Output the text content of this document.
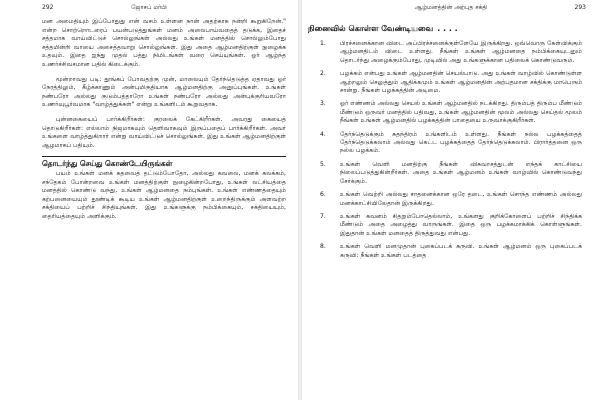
292	ஜோசப் மர்பி

மன அமைதியும் இப்போதுது என் வசம் உள்ளன நான் அதற்காக நன்றி கூறுகிறேன்." என்ற சொற்றொடரைப் பயன்படுத்துங்கள் மனம் அலைபாய்வதைத் தடுக்க, இதைச் சத்தமாக வாய்விட்டுச் சொல்லுங்கள் அல்லது உங்கள் மனத்தில் சொல்லும்போது சத்தமின்றி வாயை அசைத்தவாறு சொல்லுங்கள். இது அதை ஆழ்மனதிற்குள் நுழைக்க உதவும். இதை ஐந்து முதல் பத்து நிமிடங்கள் வரை செய்யுங்கள். ஓர் ஆழ்ந்த உணர்ச்சிவசமான பதில் கிடைக்கும்.

மூன்றாவது படி: தூங்கப் போவதற்கு முன், மாலையும் தேர்ந்தெடுத்த ஏதாவது ஓர் நேரத்திலும், கீழ்க்காணும் அன்புமிகுதியாக ஆழ்மனதிற்கு அனுப்புங்கள். உங்கள் நண்பரோ அல்லது குடும்பத்தாரோ உங்கள் நண்பரோ அல்லது அன்புக்குரியவரோ உணர்வுபூர்வமாக "வாழ்த்துக்கள்" என்று உங்களிடம் கூறுவதாக.

புன்னகையைப் பார்க்கிறீர்கள்: குரலைக் கேட்கிறீர்கள். அவரது கையைத் தொடுகிறீர்கள்: எல்லாம் நிஜமாகவும் தெளிவாகவும் இருப்பதைப் பார்க்கிறீர்கள். அவர் உங்களை வாழ்த்துகிறார் என்று வாய்விட்டுச் சொல்லுங்கள். இது உங்கள் ஆழ்மனதிற்குள் ஆழமாகப் பதியும்.

தொடர்ந்து செய்து கொண்டேயிருங்கள்

பயம் உங்கள் மனக் கதவைத் தட்டும்போதோ, அல்லது கவலை, மனக் கலக்கம், சந்தேகம் போன்றவை உங்கள் மனத்திற்குள் நுழைகின்றபோது, உங்கள் லட்சியத்தை மனத்தில் கொண்டு வந்து, உங்கள் ஆழ்மனதை நம்புங்கள். உங்கள் எண்ணத்தையும் கற்பனையையும் தூண்டிக் கூடிய உங்கள் ஆழ்மனதிற்குள் உறைந்திருக்கும் அளவற்ற சக்தியைப் பற்றிச் சிந்தியுங்கள். இது உங்களுக்கு நம்பிக்கையும், சக்தியையும், தைரியத்தையும் அளிக்கும்.

ஆழ்மனத்தின் அற்புத சக்தி	293
நினைவில் கொள்ள வேண்டியவை . . . .
1. பிரச்சனைக்கான விடை அப்பிரச்சனைக்குள்ளேயே இருக்கிறது. ஒவ்வொரு கேள்விக்கும் ஆழ்மனதிடம் விடை உள்ளது. நீங்கள் உங்கள் ஆழ்மனதை நம்பிக்கையுடனும் தொடர்ந்து அழைக்கும்போது, முடிவில் அது உங்களுக்கான பதிலைக் கொண்டுவரும்.
2. பழக்கம் என்பது உங்கள் ஆழ்மனதின் செயல்பாடு. அது உங்கள் வாழ்வில் கொண்டுள்ள ஆற்றலும் செலுத்தும் ஆதிக்கமும் உங்கள் ஆழ்மனதின் அற்புதமான சக்திக்கு மாபெரும் சான்று. நீங்கள் பழக்கத்தின் அடிமை.
3. ஓர் எண்ணம் அல்லது செயல் உங்கள் ஆழ்மனதில் நடக்கிறது. திரும்பத் திரும்ப மீண்டும் மீண்டும் ஒருவர் மனத்தில் பதிவது, உங்கள் ஆழ்மனதின் மூலம் அல்லது செய்தல் மூலம் நீங்கள் உங்கள் ஆழ்மனதில் பழக்கத்தின் பாதையை உருவாக்குகிறீர்கள்.
4. தேர்ந்தெடுக்கும் சுதந்திரம் உங்களிடம் உள்ளது. நீங்கள் நல்ல பழக்கத்தைத் தேர்ந்தெடுக்கலாம் அல்லது கெட்ட பழக்கத்தைத் தேர்ந்தெடுக்கலாம். பிரார்த்தனை ஒரு நல்ல பழக்கம்.
5. உங்கள் வெளி மனதிற்கு நீங்கள் விசுவாசத்துடன் எந்தக் காட்சியை நிலைப்படுத்துகின்றீர்கள். அதை உங்கள் ஆழ்மனம் உங்கள் வாழ்வில் கொண்டுவந்து சேர்க்கும்.
6. உங்கள் வெற்றி அல்லது சாதனைக்கான ஒரே தடை, உங்கள் சொந்த எண்ணம் அல்லது மனக்காட்சியிலேதான் இருக்கிறது.
7. உங்கள் கவனம் சிதறும்போதெல்லாம், உங்களது குறிக்கோளைப் பற்றிச் சிந்திக்க மீண்டும் அதை அழைத்து வாருங்கள். இதை ஒரு பழக்கமாக்கிக் கொள்ளுங்கள். இதுதான் உங்கள் மனதைத் திருத்துவது என்பது.
8. உங்கள் வெளி மனமுதான் புகைப்படக் கருவி. உங்கள் ஆழ்மனம் ஒரு புகைப்படக் கருவி: நீங்கள் உங்கள் படத்தை
